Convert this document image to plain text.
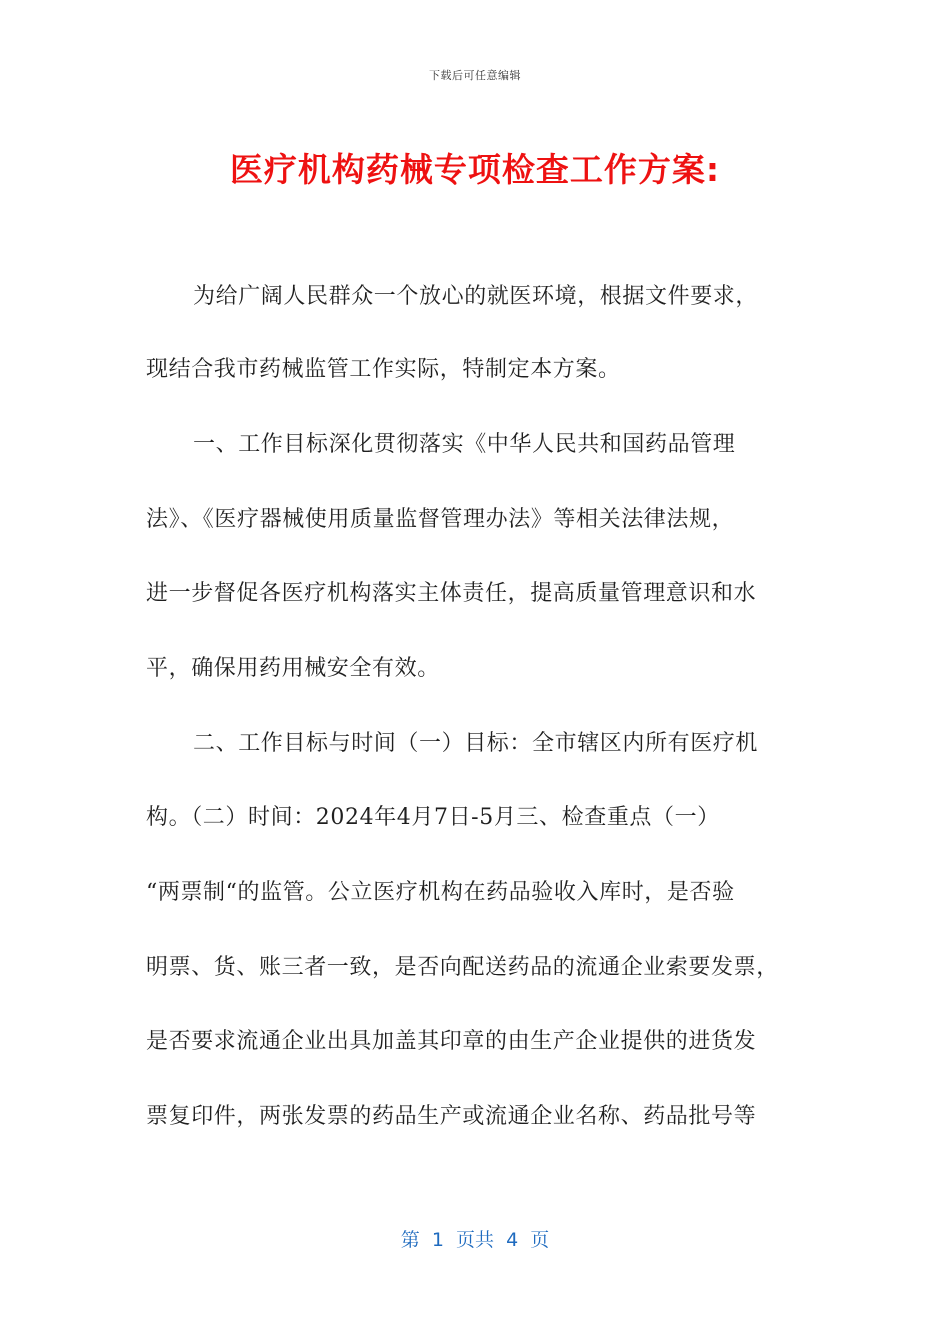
下载后可任意编辑
医疗机构药械专项检查工作方案:
为给广阔人民群众一个放心的就医环境，根据文件要求，
现结合我市药械监管工作实际，特制定本方案。
一、工作目标深化贯彻落实《中华人民共和国药品管理
法》、《医疗器械使用质量监督管理办法》等相关法律法规，
进一步督促各医疗机构落实主体责任，提高质量管理意识和水
平，确保用药用械安全有效。
二、工作目标与时间（一）目标：全市辖区内所有医疗机
构。（二）时间：2024年4月7日-5月三、检查重点（一）
“两票制“的监管。公立医疗机构在药品验收入库时，是否验
明票、货、账三者一致，是否向配送药品的流通企业索要发票，
是否要求流通企业出具加盖其印章的由生产企业提供的进货发
票复印件，两张发票的药品生产或流通企业名称、药品批号等
第  1  页共  4  页
